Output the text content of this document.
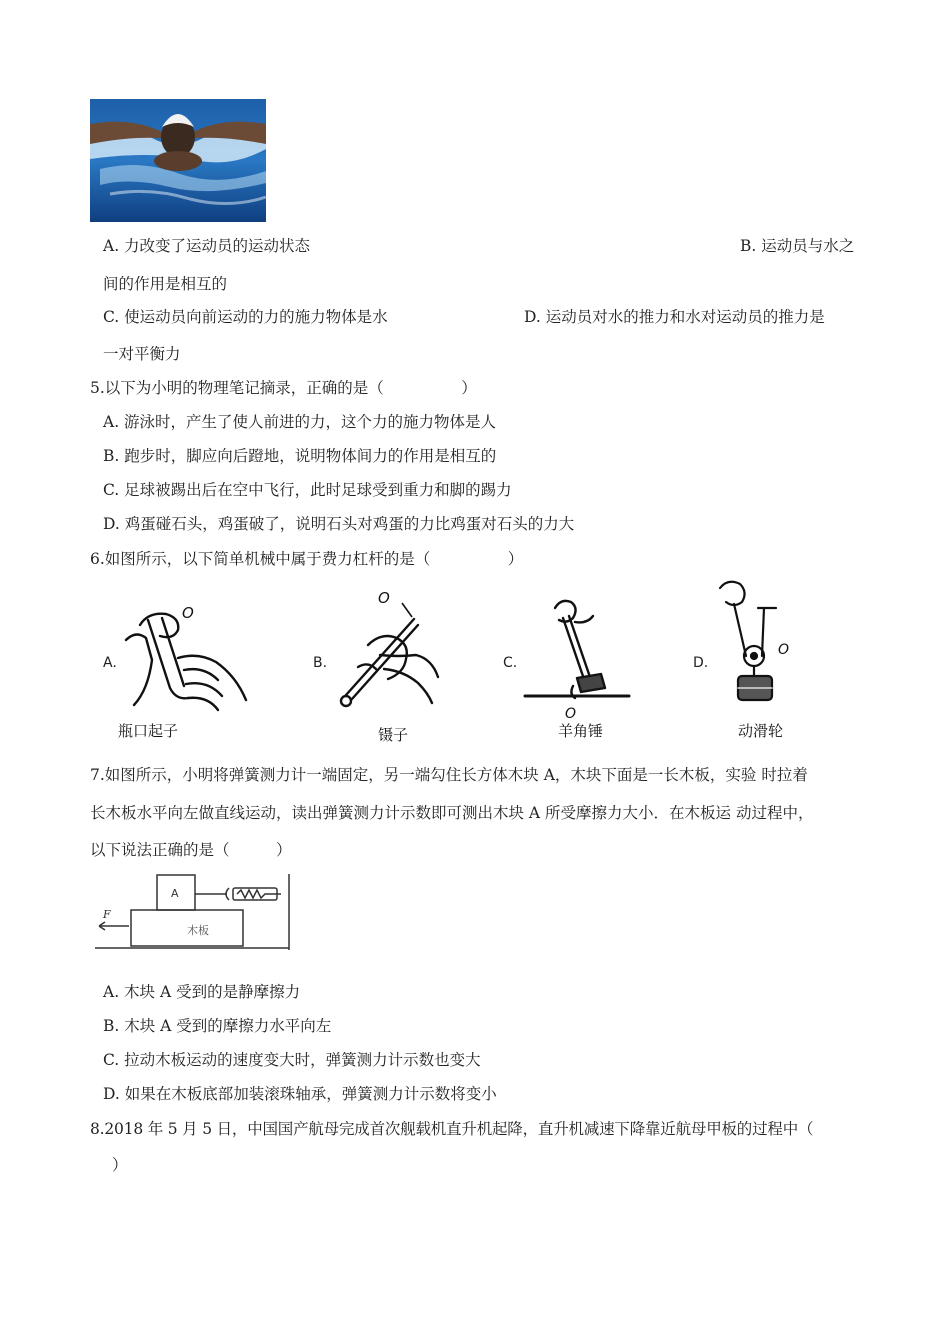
A. 力改变了运动员的运动状态	B. 运动员与水之
间的作用是相互的
C. 使运动员向前运动的力的施力物体是水	D. 运动员对水的推力和水对运动员的推力是
一对平衡力
5.以下为小明的物理笔记摘录，正确的是（　　　　　）
A. 游泳时，产生了使人前进的力，这个力的施力物体是人
B. 跑步时，脚应向后蹬地，说明物体间力的作用是相互的
C. 足球被踢出后在空中飞行，此时足球受到重力和脚的踢力
D. 鸡蛋碰石头，鸡蛋破了，说明石头对鸡蛋的力比鸡蛋对石头的力大
6.如图所示，以下简单机械中属于费力杠杆的是（　　　　　）
A.
O
瓶口起子
B.
O
镊子
C.
O
羊角锤
D.
O
动滑轮
7.如图所示，小明将弹簧测力计一端固定，另一端勾住长方体木块 A，木块下面是一长木板，实验 时拉着
长木板水平向左做直线运动，读出弹簧测力计示数即可测出木块 A 所受摩擦力大小．在木板运 动过程中，
以下说法正确的是（　　　）
A
F
木板
A. 木块 A 受到的是静摩擦力
B. 木块 A 受到的摩擦力水平向左
C. 拉动木板运动的速度变大时，弹簧测力计示数也变大
D. 如果在木板底部加装滚珠轴承，弹簧测力计示数将变小
8.2018 年 5 月 5 日，中国国产航母完成首次舰载机直升机起降，直升机减速下降靠近航母甲板的过程中（
）
